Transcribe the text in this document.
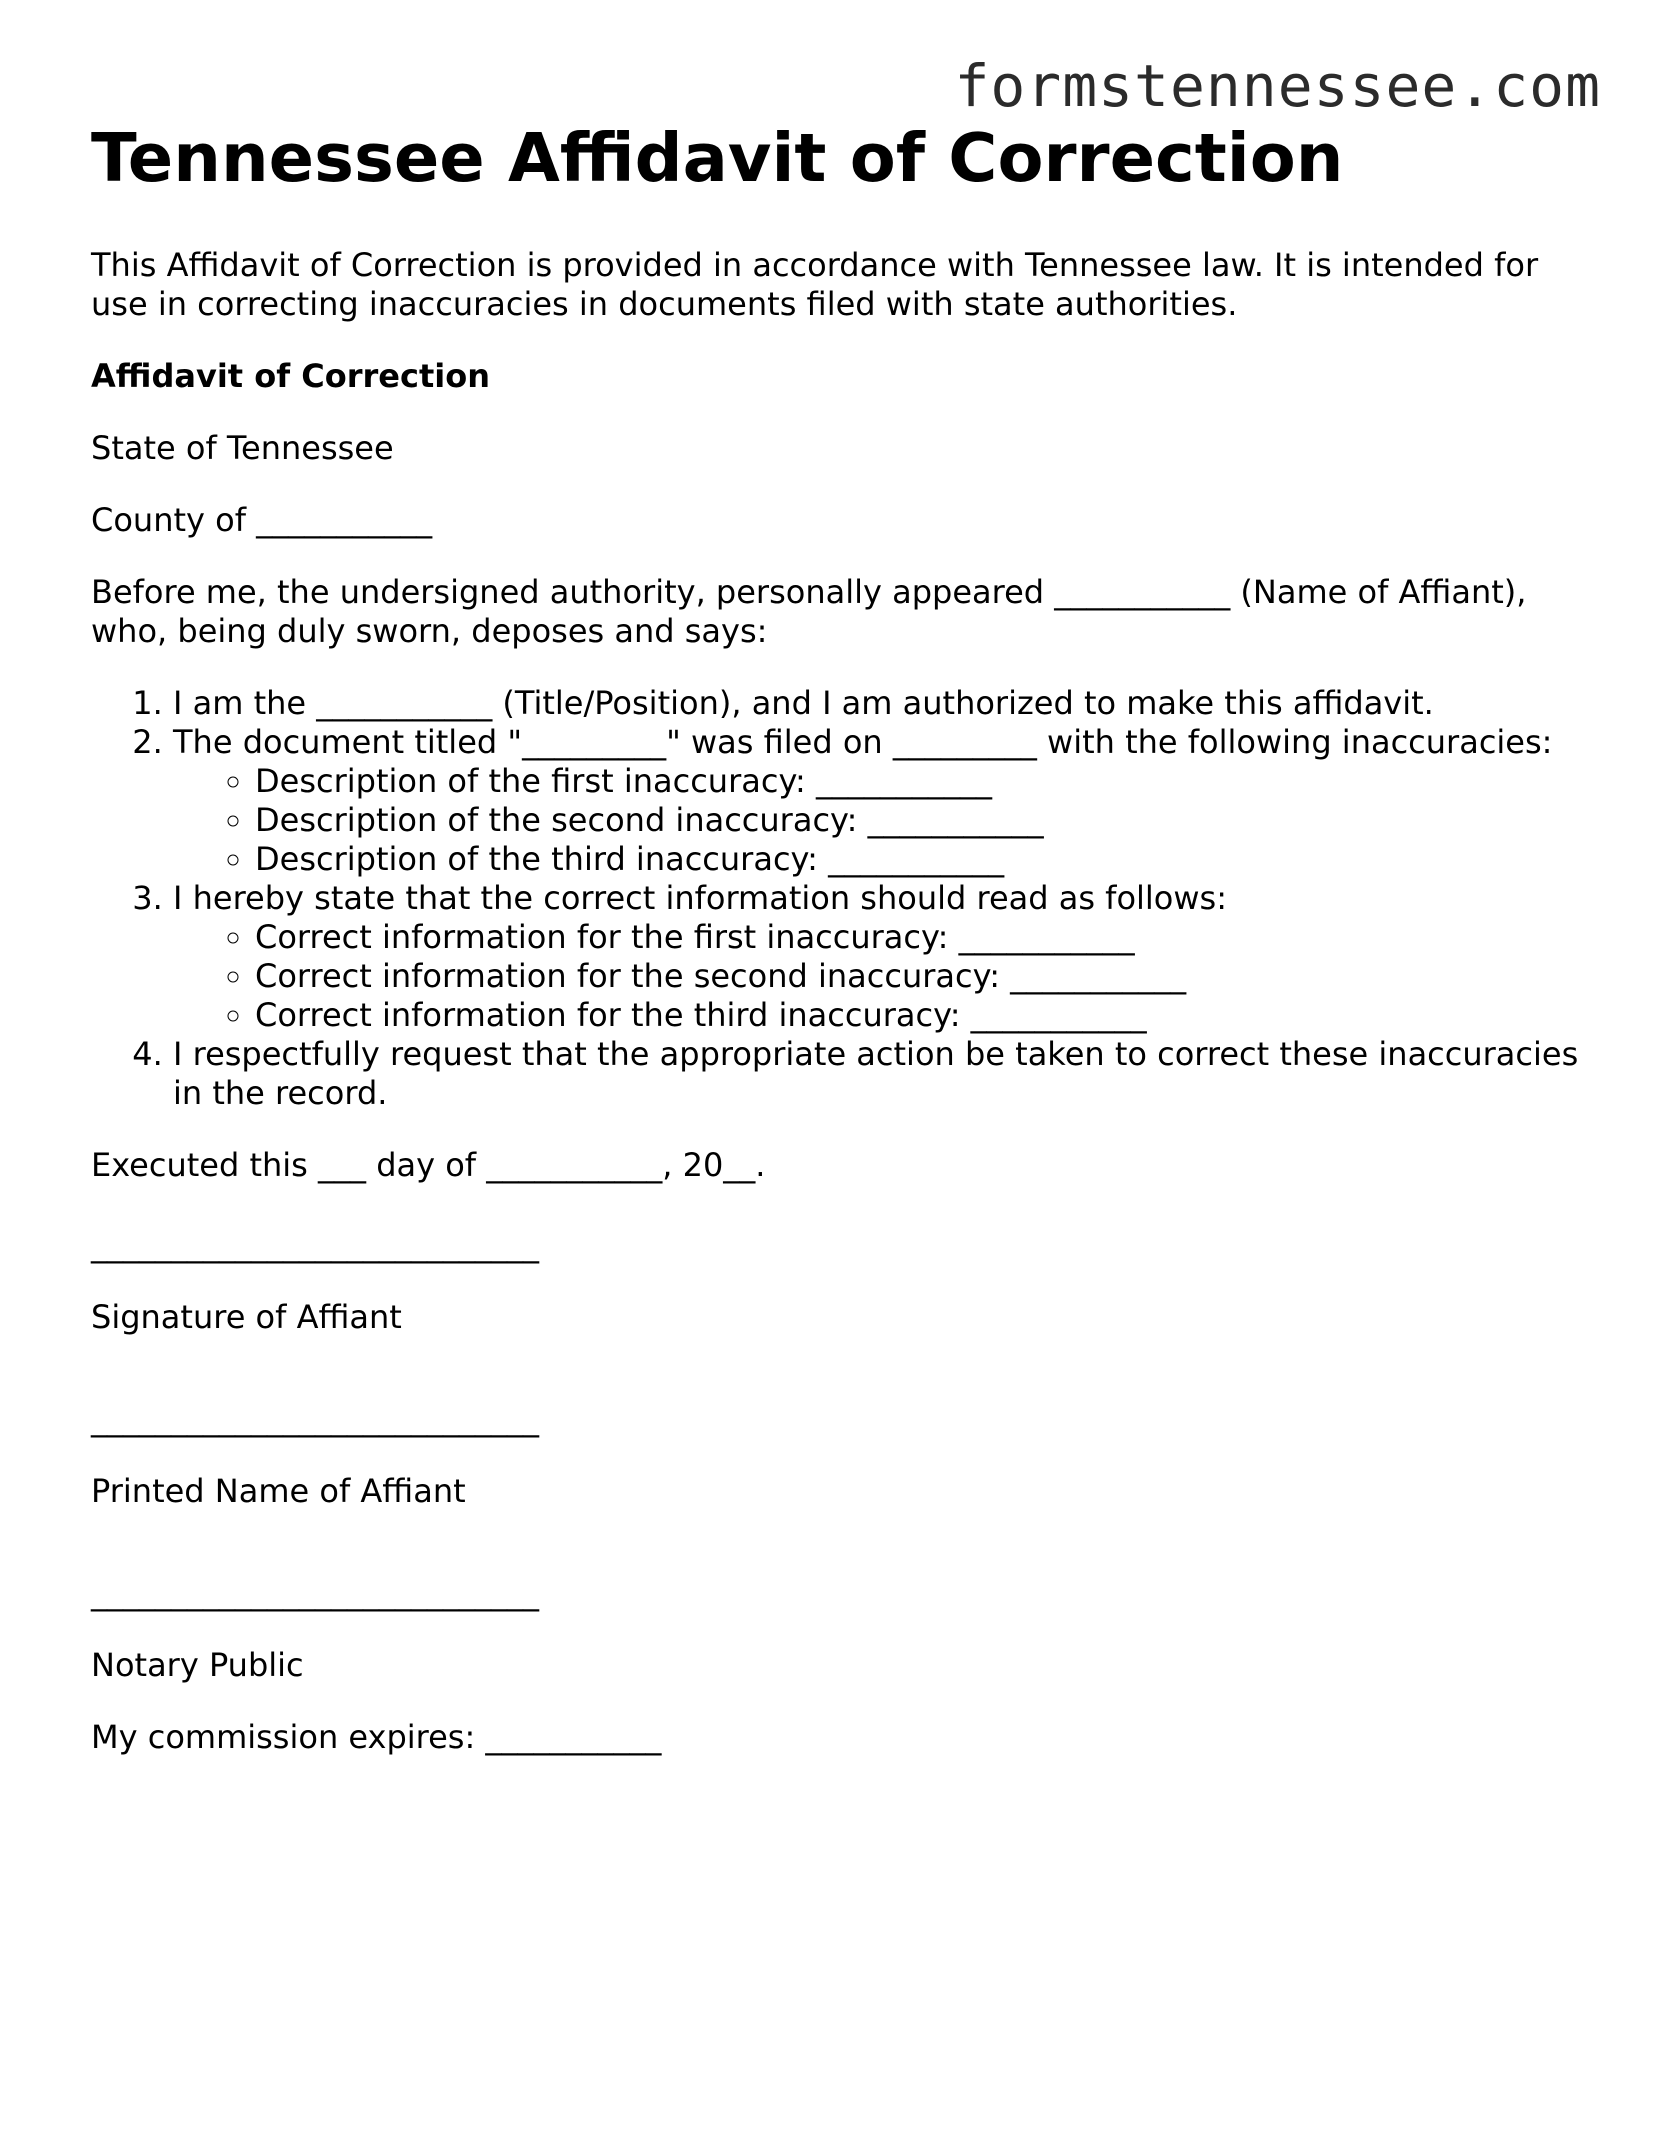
formstennessee.com
Tennessee Affidavit of Correction

This Affidavit of Correction is provided in accordance with Tennessee law. It is intended for use in correcting inaccuracies in documents filed with state authorities.

Affidavit of Correction

State of Tennessee

County of ___________

Before me, the undersigned authority, personally appeared ___________ (Name of Affiant), who, being duly sworn, deposes and says:

1. I am the ___________ (Title/Position), and I am authorized to make this affidavit.
2. The document titled "_________" was filed on _________ with the following inaccuracies:
◦ Description of the first inaccuracy: ___________
◦ Description of the second inaccuracy: ___________
◦ Description of the third inaccuracy: ___________
3. I hereby state that the correct information should read as follows:
◦ Correct information for the first inaccuracy: ___________
◦ Correct information for the second inaccuracy: ___________
◦ Correct information for the third inaccuracy: ___________
4. I respectfully request that the appropriate action be taken to correct these inaccuracies in the record.

Executed this ___ day of ___________, 20__.

____________________________

Signature of Affiant

____________________________

Printed Name of Affiant

____________________________

Notary Public

My commission expires: ___________
